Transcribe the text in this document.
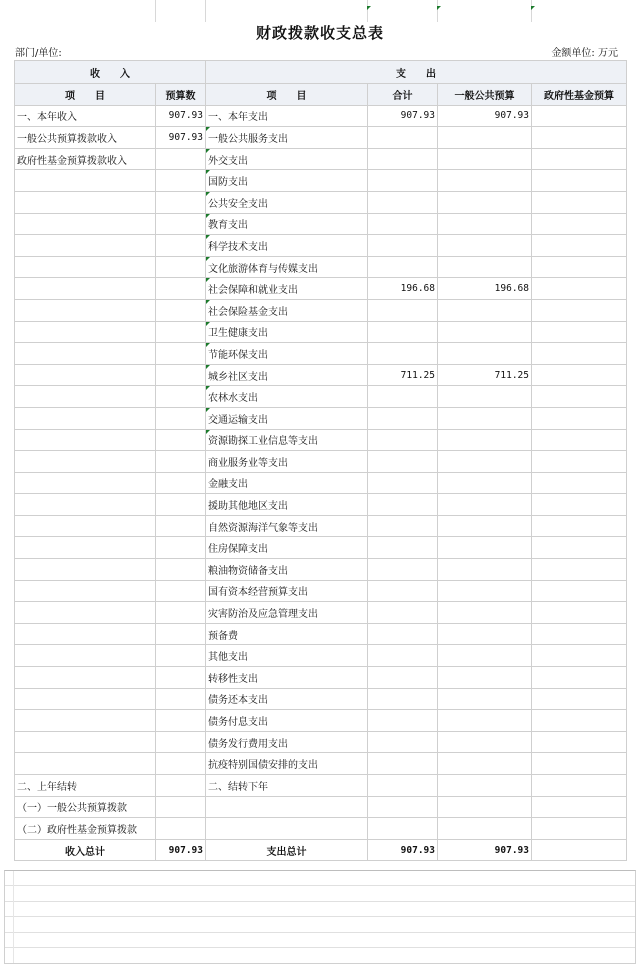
财政拨款收支总表
部门/单位:	金额单位: 万元
收　　入		支　　出			
项　　目	预算数	项　　目	合计	一般公共预算	政府性基金预算
一、本年收入	907.93	一、本年支出	907.93	907.93	
一般公共预算拨款收入	907.93	一般公共服务支出

政府性基金预算拨款收入		外交支出

		国防支出

		公共安全支出

		教育支出

		科学技术支出

		文化旅游体育与传媒支出

		社会保障和就业支出	196.68	196.68	
		社会保险基金支出

		卫生健康支出

		节能环保支出

		城乡社区支出	711.25	711.25	
		农林水支出

		交通运输支出

		资源勘探工业信息等支出

		商业服务业等支出			
		金融支出			
		援助其他地区支出			
		自然资源海洋气象等支出			
		住房保障支出			
		粮油物资储备支出			
		国有资本经营预算支出			
		灾害防治及应急管理支出			
		预备费			
		其他支出			
		转移性支出			
		债务还本支出			
		债务付息支出			
		债务发行费用支出			
		抗疫特别国债安排的支出			
二、上年结转		二、结转下年			
（一）一般公共预算拨款					
（二）政府性基金预算拨款					
收入总计	907.93	支出总计	907.93	907.93	
